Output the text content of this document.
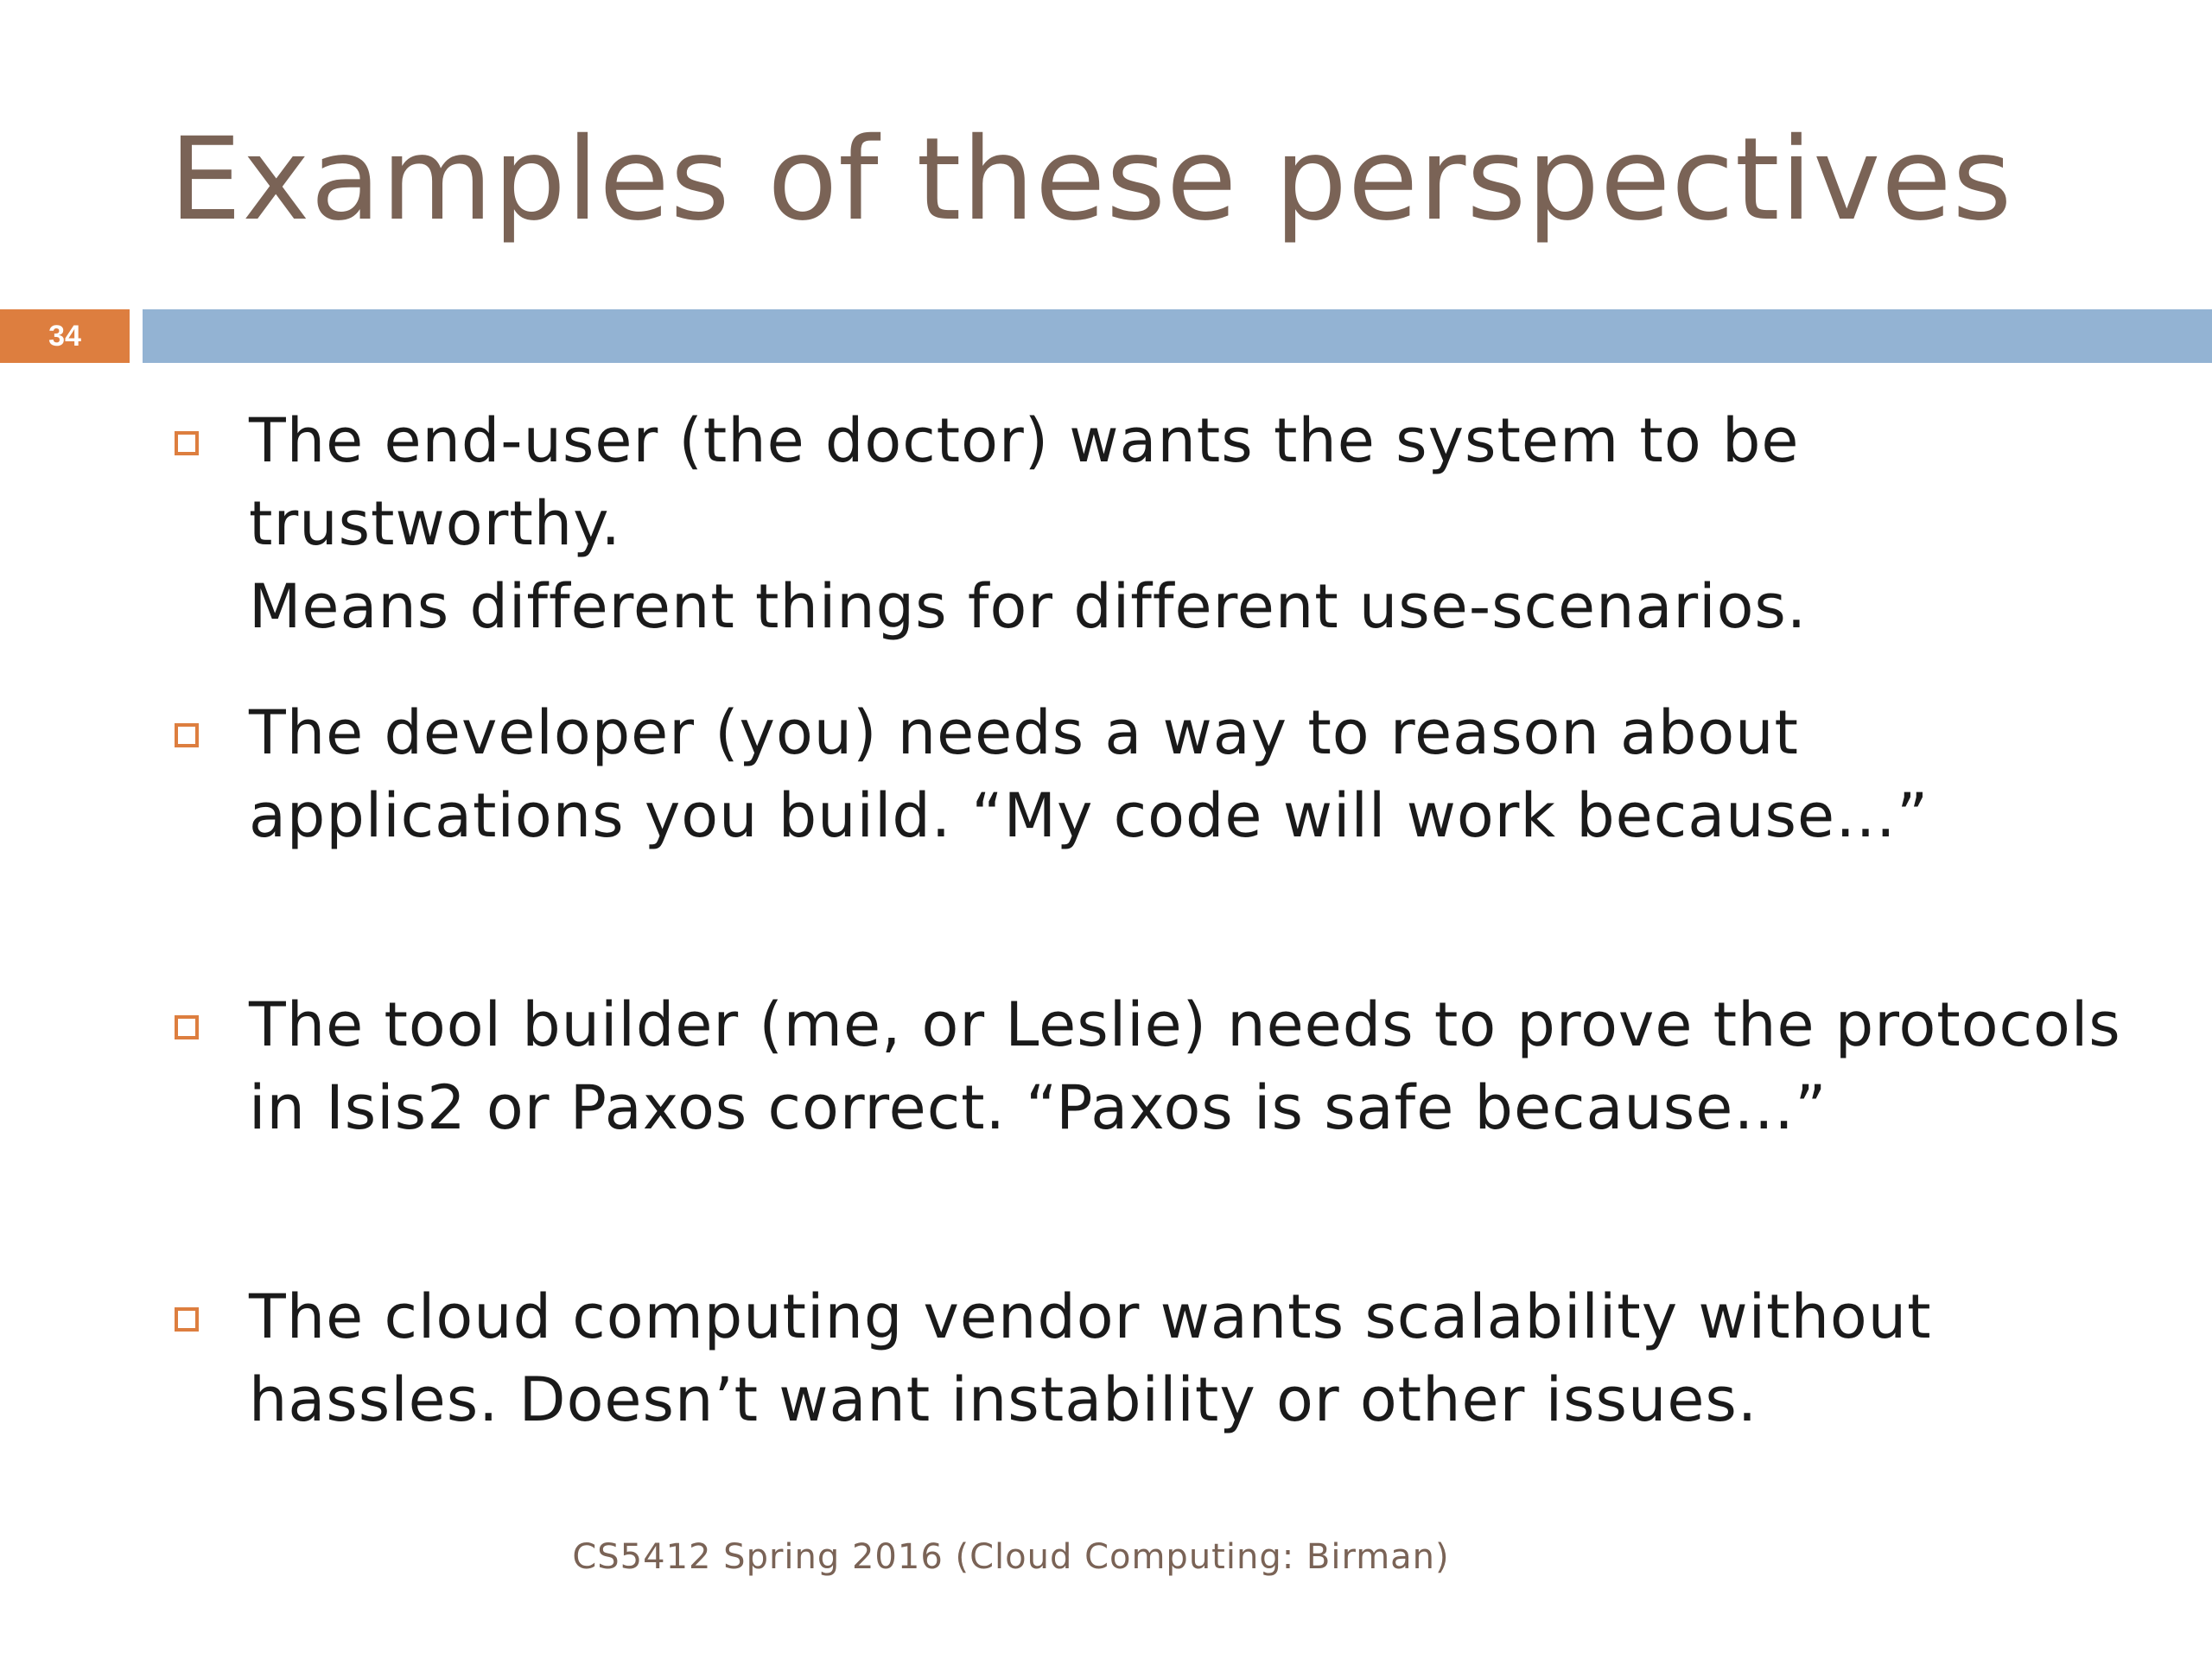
Examples of these perspectives
34
The end-user (the doctor) wants the system to be trustworthy.
Means different things for different use-scenarios.
The developer (you) needs a way to reason about
applications you build. “My code will work because…”
The tool builder (me, or Leslie) needs to prove the protocols
in Isis2 or Paxos correct. “Paxos is safe because…”
The cloud computing vendor wants scalability without
hassles. Doesn’t want instability or other issues.
CS5412 Spring 2016 (Cloud Computing: Birman)
